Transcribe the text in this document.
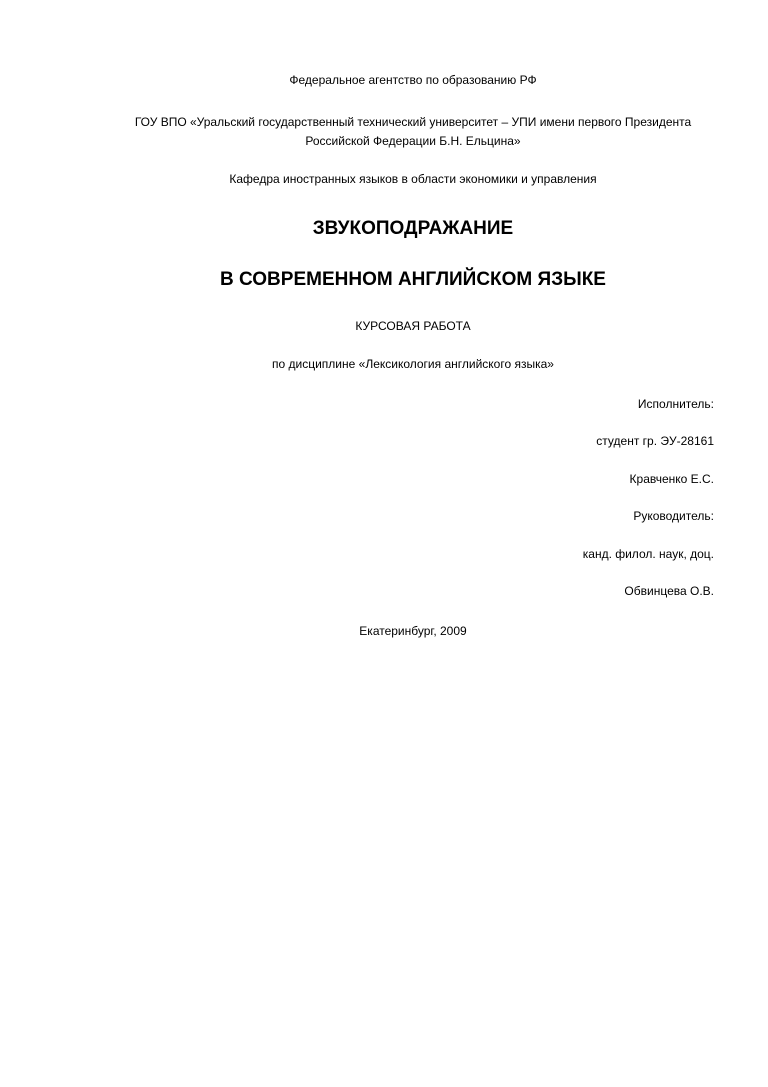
Федеральное агентство по образованию РФ
ГОУ ВПО «Уральский государственный технический университет – УПИ имени первого Президента
Российской Федерации Б.Н. Ельцина»
Кафедра иностранных языков в области экономики и управления
ЗВУКОПОДРАЖАНИЕ
В СОВРЕМЕННОМ АНГЛИЙСКОМ ЯЗЫКЕ
КУРСОВАЯ РАБОТА
по дисциплине «Лексикология английского языка»
Исполнитель:
студент гр. ЭУ-28161
Кравченко Е.С.
Руководитель:
канд. филол. наук, доц.
Обвинцева О.В.
Екатеринбург, 2009
